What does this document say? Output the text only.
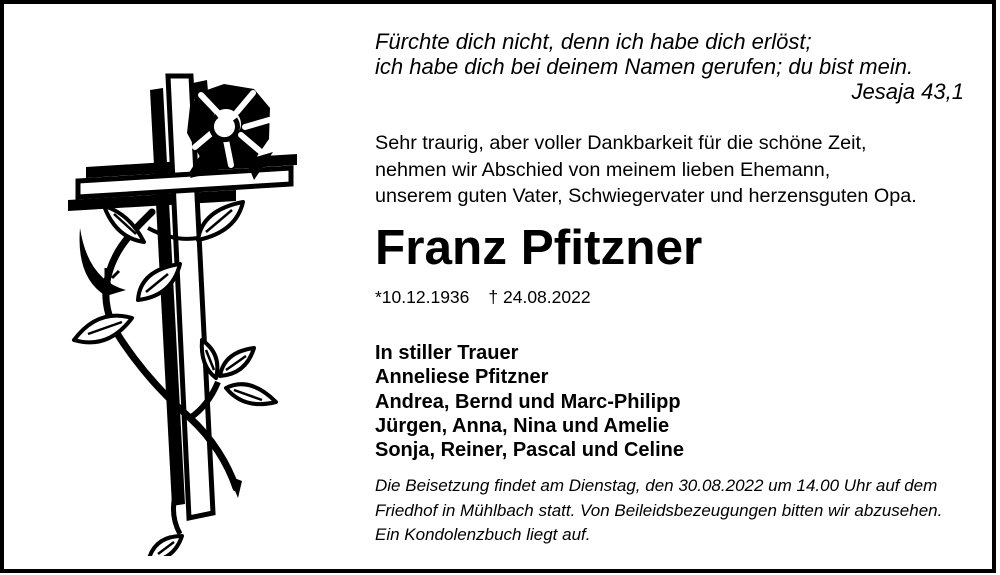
Fürchte dich nicht, denn ich habe dich erlöst;
ich habe dich bei deinem Namen gerufen; du bist mein.
Jesaja 43,1
Sehr traurig, aber voller Dankbarkeit für die schöne Zeit,
nehmen wir Abschied von meinem lieben Ehemann,
unserem guten Vater, Schwiegervater und herzensguten Opa.
Franz Pfitzner
*10.12.1936 † 24.08.2022
In stiller Trauer
Anneliese Pfitzner
Andrea, Bernd und Marc-Philipp
Jürgen, Anna, Nina und Amelie
Sonja, Reiner, Pascal und Celine
Die Beisetzung findet am Dienstag, den 30.08.2022 um 14.00 Uhr auf dem
Friedhof in Mühlbach statt. Von Beileidsbezeugungen bitten wir abzusehen.
Ein Kondolenzbuch liegt auf.
